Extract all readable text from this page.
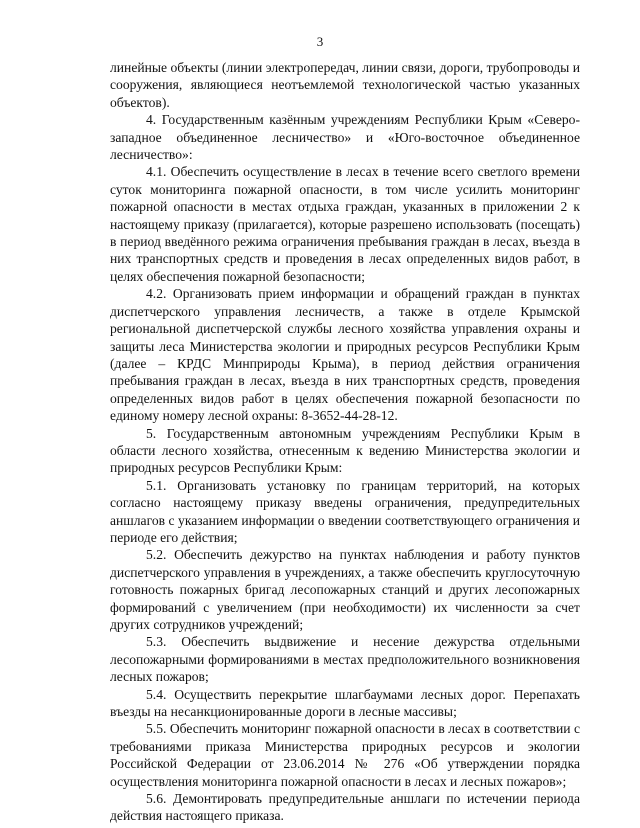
3

линейные объекты (линии электропередач, линии связи, дороги, трубопроводы и сооружения, являющиеся неотъемлемой технологической частью указанных объектов).

4. Государственным казённым учреждениям Республики Крым «Северо-западное объединенное лесничество» и «Юго-восточное объединенное лесничество»:

4.1. Обеспечить осуществление в лесах в течение всего светлого времени суток мониторинга пожарной опасности, в том числе усилить мониторинг пожарной опасности в местах отдыха граждан, указанных в приложении 2 к настоящему приказу (прилагается), которые разрешено использовать (посещать) в период введённого режима ограничения пребывания граждан в лесах, въезда в них транспортных средств и проведения в лесах определенных видов работ, в целях обеспечения пожарной безопасности;

4.2. Организовать прием информации и обращений граждан в пунктах диспетчерского управления лесничеств, а также в отделе Крымской региональной диспетчерской службы лесного хозяйства управления охраны и защиты леса Министерства экологии и природных ресурсов Республики Крым (далее – КРДС Минприроды Крыма), в период действия ограничения пребывания граждан в лесах, въезда в них транспортных средств, проведения определенных видов работ в целях обеспечения пожарной безопасности по единому номеру лесной охраны: 8-3652-44-28-12.

5. Государственным автономным учреждениям Республики Крым в области лесного хозяйства, отнесенным к ведению Министерства экологии и природных ресурсов Республики Крым:

5.1. Организовать установку по границам территорий, на которых согласно настоящему приказу введены ограничения, предупредительных аншлагов с указанием информации о введении соответствующего ограничения и периоде его действия;

5.2. Обеспечить дежурство на пунктах наблюдения и работу пунктов диспетчерского управления в учреждениях, а также обеспечить круглосуточную готовность пожарных бригад лесопожарных станций и других лесопожарных формирований с увеличением (при необходимости) их численности за счет других сотрудников учреждений;

5.3. Обеспечить выдвижение и несение дежурства отдельными лесопожарными формированиями в местах предположительного возникновения лесных пожаров;

5.4. Осуществить перекрытие шлагбаумами лесных дорог. Перепахать въезды на несанкционированные дороги в лесные массивы;

5.5. Обеспечить мониторинг пожарной опасности в лесах в соответствии с требованиями приказа Министерства природных ресурсов и экологии Российской Федерации от 23.06.2014 № 276 «Об утверждении порядка осуществления мониторинга пожарной опасности в лесах и лесных пожаров»;

5.6. Демонтировать предупредительные аншлаги по истечении периода действия настоящего приказа.
